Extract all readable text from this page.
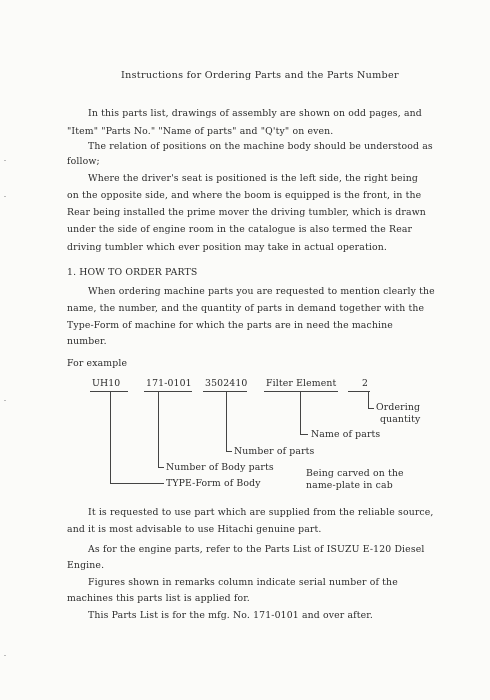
Instructions for Ordering Parts and the Parts Number
In this parts list, drawings of assembly are shown on odd pages, and
"Item" "Parts No." "Name of parts" and "Q'ty" on even.
The relation of positions on the machine body should be understood as
follow;
Where the driver's seat is positioned is the left side, the right being
on the opposite side, and where the boom is equipped is the front, in the
Rear being installed the prime mover the driving tumbler, which is drawn
under the side of engine room in the catalogue is also termed the Rear
driving tumbler which ever position may take in actual operation.
1. HOW TO ORDER PARTS
When ordering machine parts you are requested to mention clearly the
name, the number, and the quantity of parts in demand together with the
Type-Form of machine for which the parts are in need the machine
number.
For example
UH10	171-0101 3502410 Filter Element	2
Ordering
quantity
Name of parts
Number of parts
Number of Body parts
TYPE-Form of Body
Being carved on the
name-plate in cab
It is requested to use part which are supplied from the reliable source,
and it is most advisable to use Hitachi genuine part.
As for the engine parts, refer to the Parts List of ISUZU E-120 Diesel
Engine.
Figures shown in remarks column indicate serial number of the
machines this parts list is applied for.
This Parts List is for the mfg. No. 171-0101 and over after.
